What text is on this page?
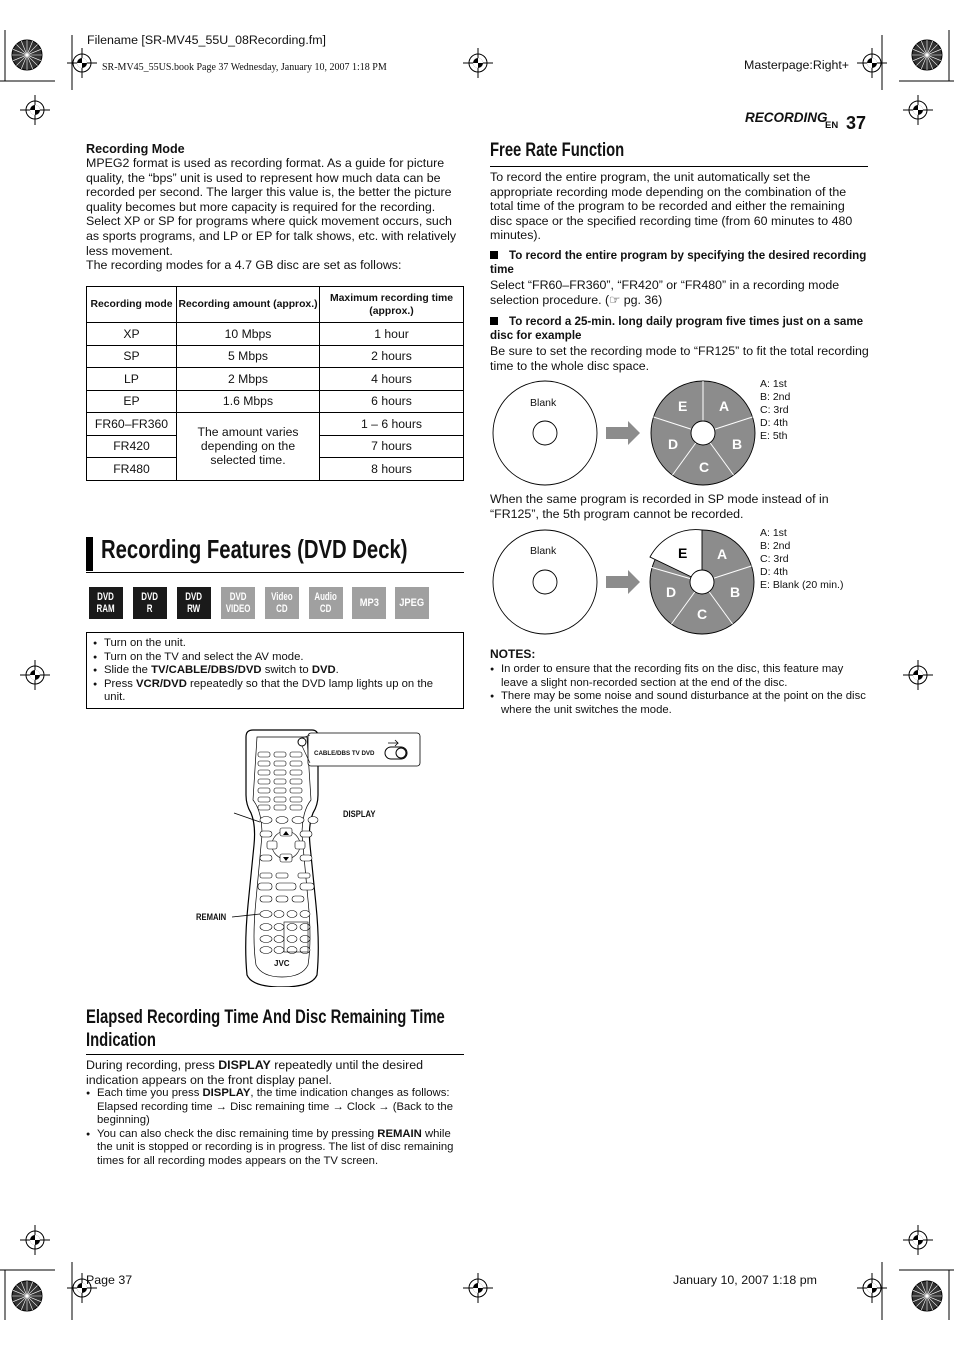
Filename [SR-MV45_55U_08Recording.fm]
SR-MV45_55US.book Page 37 Wednesday, January 10, 2007 1:18 PM	Masterpage:Right+
RECORDING
EN 37
Recording Mode
MPEG2 format is used as recording format. As a guide for picture quality, the “bps” unit is used to represent how much data can be recorded per second. The larger this value is, the better the picture quality becomes but more capacity is required for the recording. Select XP or SP for programs where quick movement occurs, such as sports programs, and LP or EP for talk shows, etc. with relatively less movement.
The recording modes for a 4.7 GB disc are set as follows:
Recording mode	Recording amount (approx.)	Maximum recording time (approx.)
XP	10 Mbps	1 hour
SP	5 Mbps	2 hours
LP	2 Mbps	4 hours
EP	1.6 Mbps	6 hours
FR60–FR360	The amount varies depending on the selected time.	1 – 6 hours
FR420		7 hours
FR480		8 hours
Recording Features (DVD Deck)
DVD
RAM
DVD
R
DVD
RW
DVD
VIDEO
Video
CD
Audio
CD	MP3 JPEG
● Turn on the unit.
● Turn on the TV and select the AV mode.
● Slide the TV/CABLE/DBS/DVD switch to DVD.
● Press VCR/DVD repeatedly so that the DVD lamp lights up on the unit.
CABLE/DBS TV DVD
DISPLAY
REMAIN
JVC
Elapsed Recording Time And Disc Remaining Time
Indication
During recording, press DISPLAY repeatedly until the desired indication appears on the front display panel.
● Each time you press DISPLAY, the time indication changes as follows:
Elapsed recording time → Disc remaining time → Clock → (Back to the beginning)
● You can also check the disc remaining time by pressing REMAIN while the unit is stopped or recording is in progress. The list of disc remaining times for all recording modes appears on the TV screen.
Free Rate Function
To record the entire program, the unit automatically set the appropriate recording mode depending on the combination of the total time of the program to be recorded and either the remaining disc space or the specified recording time (from 60 minutes to 480 minutes).
To record the entire program by specifying the desired recording time
Select “FR60–FR360”, “FR420” or “FR480” in a recording mode selection procedure. (☞ pg. 36)
To record a 25-min. long daily program five times just on a same disc for example
Be sure to set the recording mode to “FR125” to fit the total recording time to the whole disc space.
Blank	A
B
C
D
E
A: 1st
B: 2nd
C: 3rd
D: 4th
E: 5th
When the same program is recorded in SP mode instead of in “FR125”, the 5th program cannot be recorded.
Blank	A
B
C
D
E
A: 1st
B: 2nd
C: 3rd
D: 4th
E: Blank (20 min.)
NOTES:
● In order to ensure that the recording fits on the disc, this feature may leave a slight non-recorded section at the end of the disc.
● There may be some noise and sound disturbance at the point on the disc where the unit switches the mode.
Page 37	January 10, 2007 1:18 pm
